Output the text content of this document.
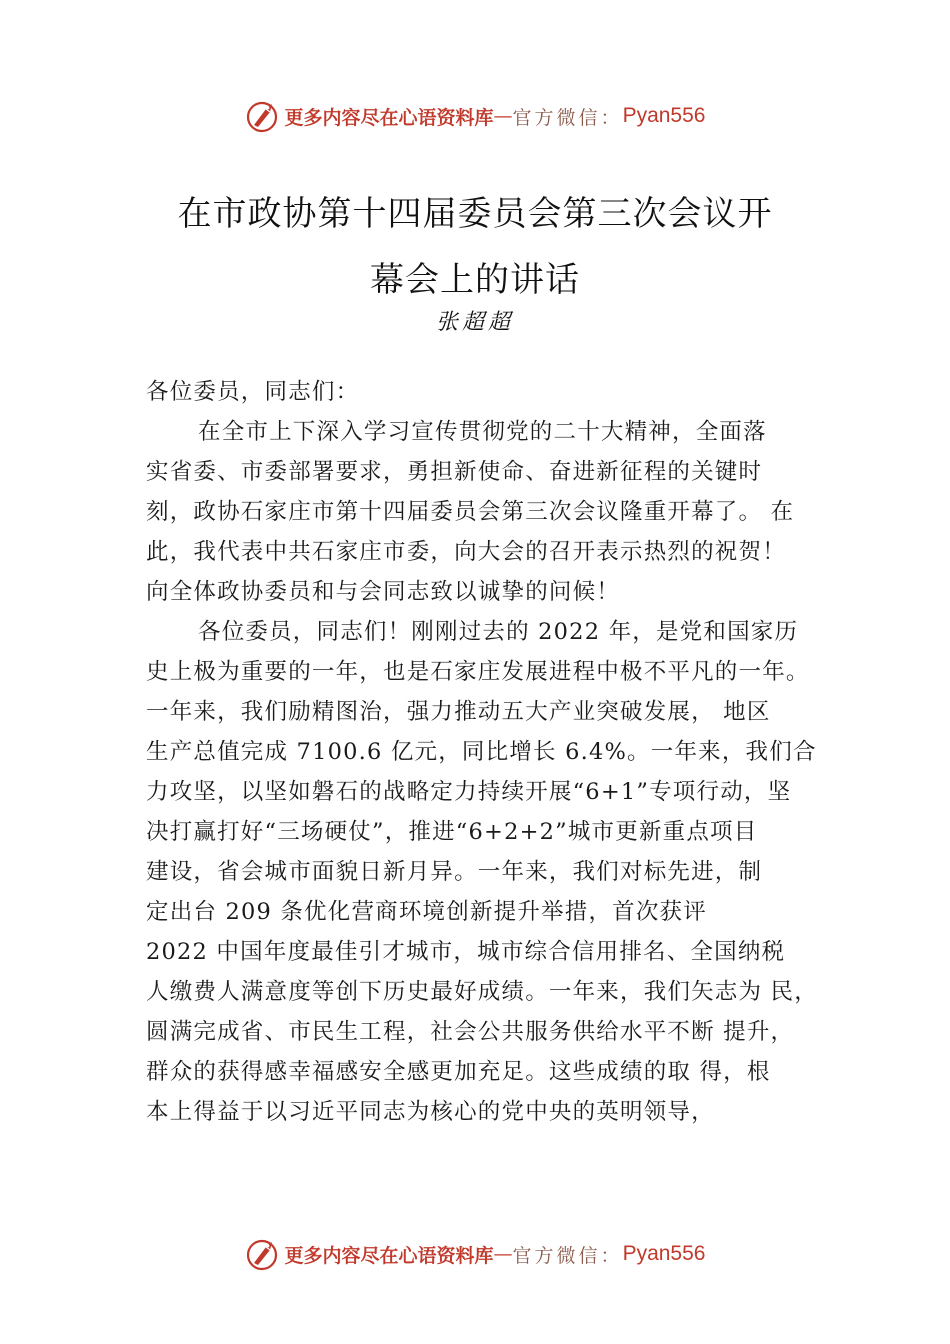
更多内容尽在心语资料库 — 官方微信： Pyan556
在市政协第十四届委员会第三次会议开
幕会上的讲话
张超超
各位委员，同志们：
在全市上下深入学习宣传贯彻党的二十大精神，全面落
实省委、市委部署要求，勇担新使命、奋进新征程的关键时
刻，政协石家庄市第十四届委员会第三次会议隆重开幕了。 在
此，我代表中共石家庄市委，向大会的召开表示热烈的祝贺！
向全体政协委员和与会同志致以诚挚的问候！
各位委员，同志们！刚刚过去的 2022 年，是党和国家历
史上极为重要的一年，也是石家庄发展进程中极不平凡的一年。
一年来，我们励精图治，强力推动五大产业突破发展， 地区
生产总值完成 7100.6 亿元，同比增长 6.4%。一年来，我们合
力攻坚，以坚如磐石的战略定力持续开展“6+1”专项行动，坚
决打赢打好“三场硬仗”，推进“6+2+2”城市更新重点项目
建设，省会城市面貌日新月异。一年来，我们对标先进，制
定出台 209 条优化营商环境创新提升举措，首次获评
2022 中国年度最佳引才城市，城市综合信用排名、全国纳税
人缴费人满意度等创下历史最好成绩。一年来，我们矢志为 民，
圆满完成省、市民生工程，社会公共服务供给水平不断 提升，
群众的获得感幸福感安全感更加充足。这些成绩的取 得，根
本上得益于以习近平同志为核心的党中央的英明领导，
更多内容尽在心语资料库 — 官方微信： Pyan556
